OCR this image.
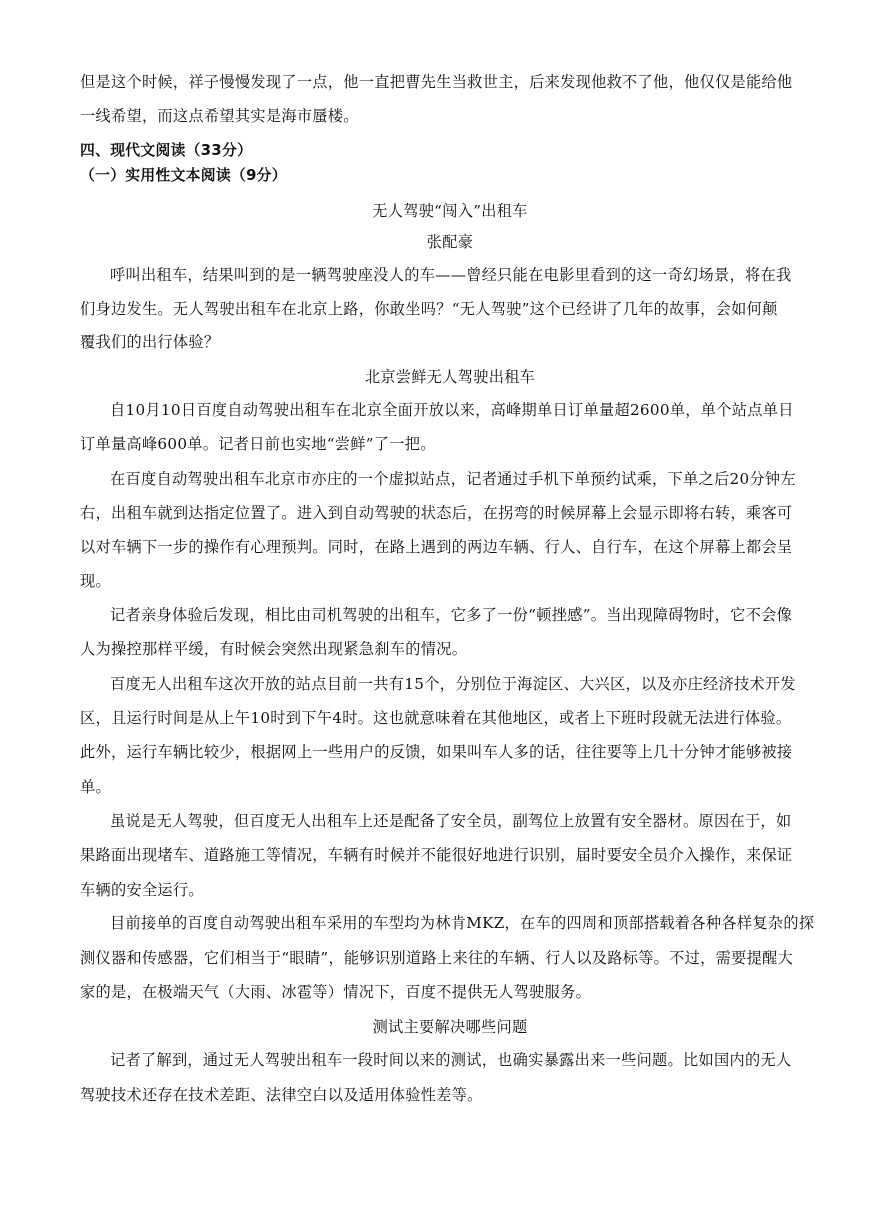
但是这个时候，祥子慢慢发现了一点，他一直把曹先生当救世主，后来发现他救不了他，他仅仅是能给他
一线希望，而这点希望其实是海市蜃楼。
四、现代文阅读（33分）
（一）实用性文本阅读（9分）
无人驾驶“闯入”出租车
张配豪
呼叫出租车，结果叫到的是一辆驾驶座没人的车——曾经只能在电影里看到的这一奇幻场景，将在我
们身边发生。无人驾驶出租车在北京上路，你敢坐吗？“无人驾驶”这个已经讲了几年的故事，会如何颠
覆我们的出行体验？
北京尝鲜无人驾驶出租车
自10月10日百度自动驾驶出租车在北京全面开放以来，高峰期单日订单量超2600单，单个站点单日
订单量高峰600单。记者日前也实地“尝鲜”了一把。
在百度自动驾驶出租车北京市亦庄的一个虚拟站点，记者通过手机下单预约试乘，下单之后20分钟左
右，出租车就到达指定位置了。进入到自动驾驶的状态后，在拐弯的时候屏幕上会显示即将右转，乘客可
以对车辆下一步的操作有心理预判。同时，在路上遇到的两边车辆、行人、自行车，在这个屏幕上都会呈
现。
记者亲身体验后发现，相比由司机驾驶的出租车，它多了一份“顿挫感”。当出现障碍物时，它不会像
人为操控那样平缓，有时候会突然出现紧急刹车的情况。
百度无人出租车这次开放的站点目前一共有15个，分别位于海淀区、大兴区，以及亦庄经济技术开发
区，且运行时间是从上午10时到下午4时。这也就意味着在其他地区，或者上下班时段就无法进行体验。
此外，运行车辆比较少，根据网上一些用户的反馈，如果叫车人多的话，往往要等上几十分钟才能够被接
单。
虽说是无人驾驶，但百度无人出租车上还是配备了安全员，副驾位上放置有安全器材。原因在于，如
果路面出现堵车、道路施工等情况，车辆有时候并不能很好地进行识别，届时要安全员介入操作，来保证
车辆的安全运行。
目前接单的百度自动驾驶出租车采用的车型均为林肯MKZ，在车的四周和顶部搭载着各种各样复杂的探
测仪器和传感器，它们相当于“眼睛”，能够识别道路上来往的车辆、行人以及路标等。不过，需要提醒大
家的是，在极端天气（大雨、冰雹等）情况下，百度不提供无人驾驶服务。
测试主要解决哪些问题
记者了解到，通过无人驾驶出租车一段时间以来的测试，也确实暴露出来一些问题。比如国内的无人
驾驶技术还存在技术差距、法律空白以及适用体验性差等。
